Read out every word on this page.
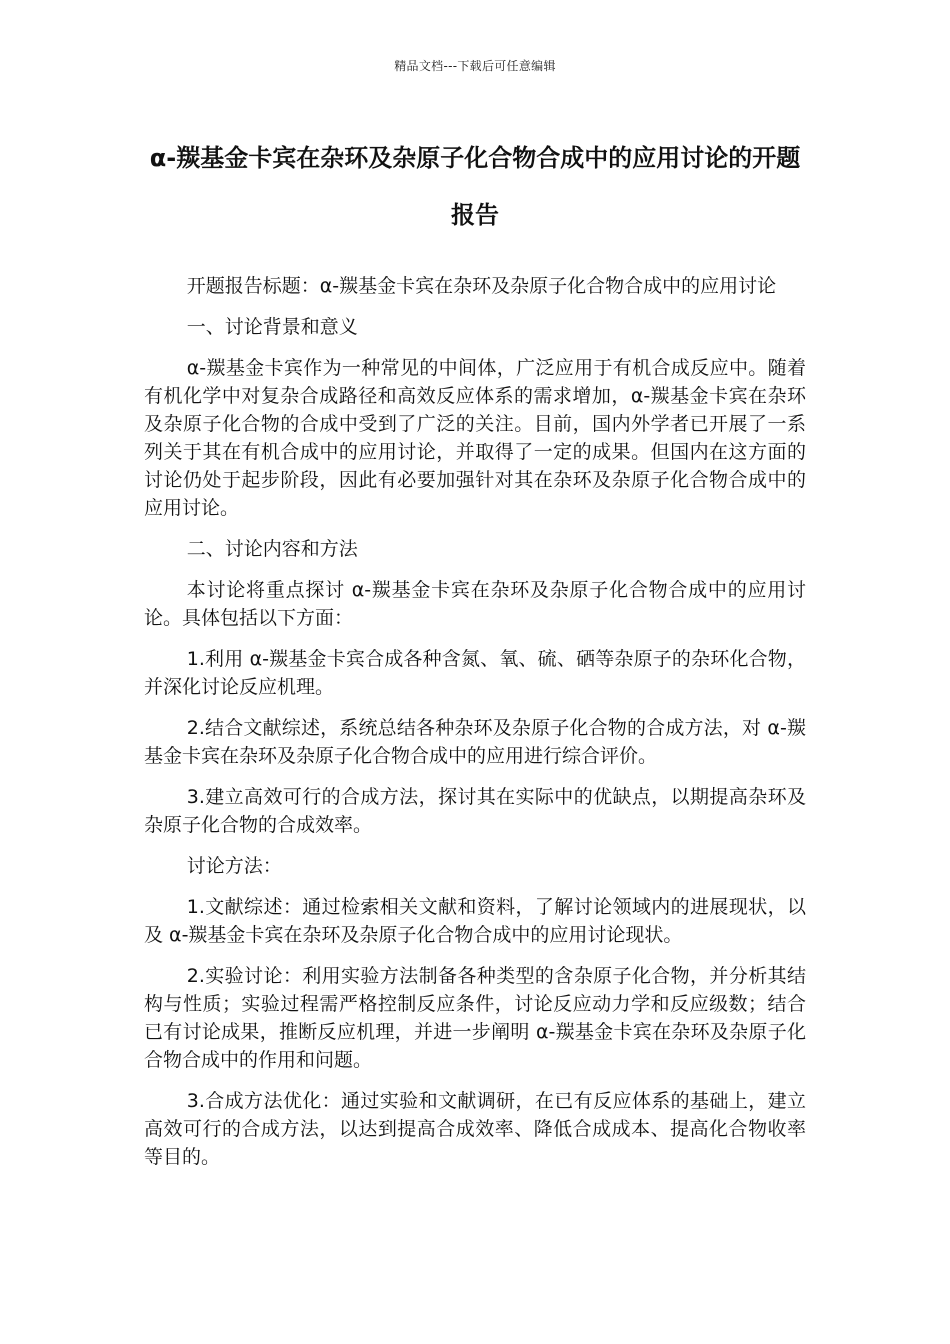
精品文档---下载后可任意编辑
α-羰基金卡宾在杂环及杂原子化合物合成中的应用讨论的开题报告

开题报告标题：α-羰基金卡宾在杂环及杂原子化合物合成中的应用讨论

一、讨论背景和意义

α-羰基金卡宾作为一种常见的中间体，广泛应用于有机合成反应中。随着有机化学中对复杂合成路径和高效反应体系的需求增加，α-羰基金卡宾在杂环及杂原子化合物的合成中受到了广泛的关注。目前，国内外学者已开展了一系列关于其在有机合成中的应用讨论，并取得了一定的成果。但国内在这方面的讨论仍处于起步阶段，因此有必要加强针对其在杂环及杂原子化合物合成中的应用讨论。

二、讨论内容和方法

本讨论将重点探讨 α-羰基金卡宾在杂环及杂原子化合物合成中的应用讨论。具体包括以下方面：

1.利用 α-羰基金卡宾合成各种含氮、氧、硫、硒等杂原子的杂环化合物，并深化讨论反应机理。

2.结合文献综述，系统总结各种杂环及杂原子化合物的合成方法，对 α-羰基金卡宾在杂环及杂原子化合物合成中的应用进行综合评价。

3.建立高效可行的合成方法，探讨其在实际中的优缺点，以期提高杂环及杂原子化合物的合成效率。

讨论方法：

1.文献综述：通过检索相关文献和资料，了解讨论领域内的进展现状，以及 α-羰基金卡宾在杂环及杂原子化合物合成中的应用讨论现状。

2.实验讨论：利用实验方法制备各种类型的含杂原子化合物，并分析其结构与性质；实验过程需严格控制反应条件，讨论反应动力学和反应级数；结合已有讨论成果，推断反应机理，并进一步阐明 α-羰基金卡宾在杂环及杂原子化合物合成中的作用和问题。

3.合成方法优化：通过实验和文献调研，在已有反应体系的基础上，建立高效可行的合成方法，以达到提高合成效率、降低合成成本、提高化合物收率等目的。
